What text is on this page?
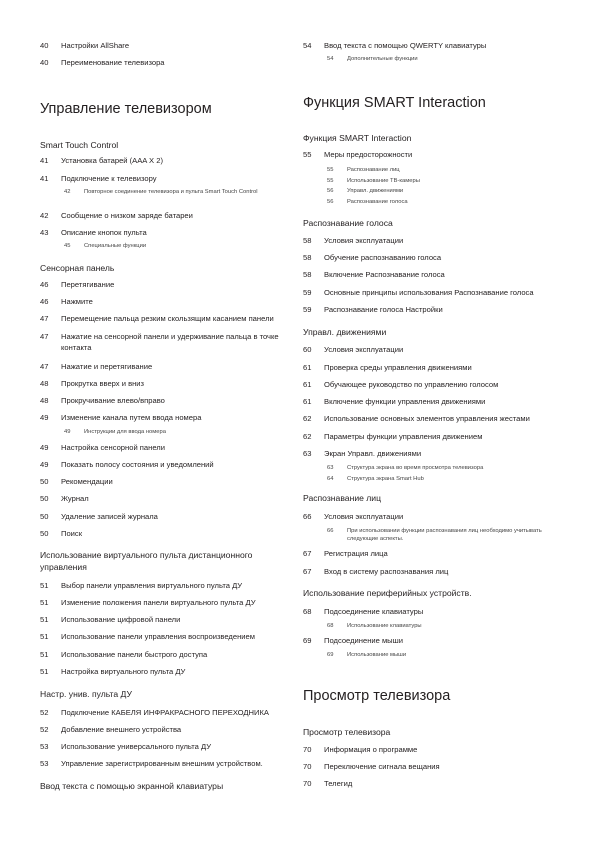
40	Настройки AllShare
40	Переименование телевизора
Управление телевизором
Smart Touch Control
41	Установка батарей (AAA X 2)
41	Подключение к телевизору
42	Повторное соединение телевизора и пульта Smart Touch Control
42	Сообщение о низком заряде батареи
43	Описание кнопок пульта
45	Специальные функции
Сенсорная панель
46	Перетягивание
46	Нажмите
47	Перемещение пальца резким скользящим касанием панели
47	Нажатие на сенсорной панели и удерживание пальца в точке контакта
47	Нажатие и перетягивание
48	Прокрутка вверх и вниз
48	Прокручивание влево/вправо
49	Изменение канала путем ввода номера
49	Инструкции для ввода номера
49	Настройка сенсорной панели
49	Показать полосу состояния и уведомлений
50	Рекомендации
50	Журнал
50	Удаление записей журнала
50	Поиск
Использование виртуального пульта дистанционного управления
51	Выбор панели управления виртуального пульта ДУ
51	Изменение положения панели виртуального пульта ДУ
51	Использование цифровой панели
51	Использование панели управления воспроизведением
51	Использование панели быстрого доступа
51	Настройка виртуального пульта ДУ
Настр. унив. пульта ДУ
52	Подключение КАБЕЛЯ ИНФРАКРАСНОГО ПЕРЕХОДНИКА
52	Добавление внешнего устройства
53	Использование универсального пульта ДУ
53	Управление зарегистрированным внешним устройством.
Ввод текста с помощью экранной клавиатуры
54	Ввод текста с помощью QWERTY клавиатуры
54	Дополнительные функции
Функция SMART Interaction
Функция SMART Interaction
55	Меры предосторожности
55	Распознавание лиц
55	Использование ТВ-камеры
56	Управл. движениями
56	Распознавание голоса
Распознавание голоса
58	Условия эксплуатации
58	Обучение распознаванию голоса
58	Включение Распознавание голоса
59	Основные принципы использования Распознавание голоса
59	Распознавание голоса Настройки
Управл. движениями
60	Условия эксплуатации
61	Проверка среды управления движениями
61	Обучающее руководство по управлению голосом
61	Включение функции управления движениями
62	Использование основных элементов управления жестами
62	Параметры функции управления движением
63	Экран Управл. движениями
63	Структура экрана во время просмотра телевизора
64	Структура экрана Smart Hub
Распознавание лиц
66	Условия эксплуатации
66	При использовании функции распознавания лиц необходимо учитывать следующие аспекты.
67	Регистрация лица
67	Вход в систему распознавания лиц
Использование периферийных устройств.
68	Подсоединение клавиатуры
68	Использование клавиатуры
69	Подсоединение мыши
69	Использование мыши
Просмотр телевизора
Просмотр телевизора
70	Информация о программе
70	Переключение сигнала вещания
70	Телегид
